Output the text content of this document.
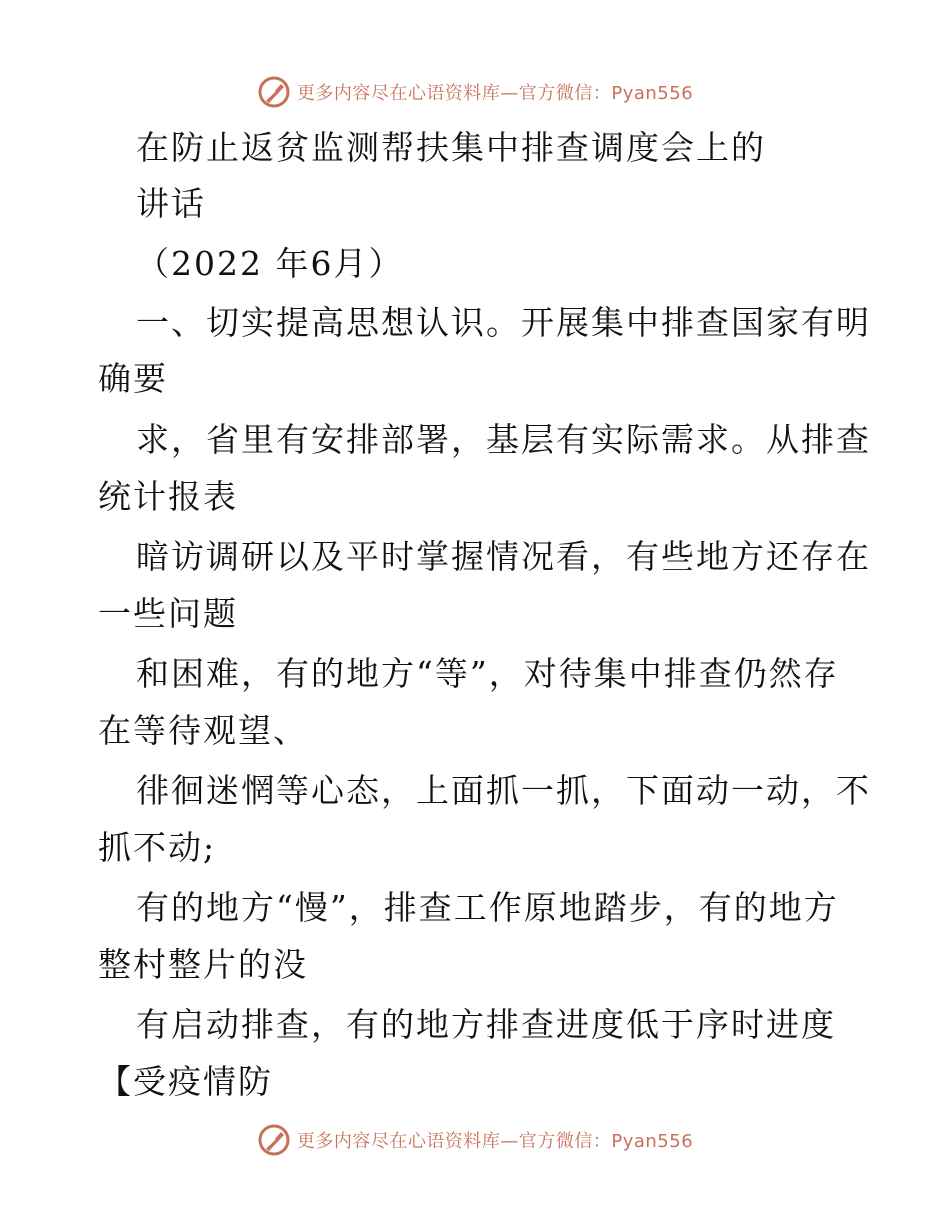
更多内容尽在心语资料库—官方微信：Pyan556
在防止返贫监测帮扶集中排查调度会上的
讲话
（2022 年6月）
一、切实提高思想认识。开展集中排查国家有明
确要
求，省里有安排部署，基层有实际需求。从排查
统计报表
暗访调研以及平时掌握情况看，有些地方还存在
一些问题
和困难，有的地方“等”，对待集中排查仍然存
在等待观望、
徘徊迷惘等心态，上面抓一抓，下面动一动，不
抓不动;
有的地方“慢”，排查工作原地踏步，有的地方
整村整片的没
有启动排查，有的地方排查进度低于序时进度
【受疫情防
更多内容尽在心语资料库—官方微信：Pyan556
